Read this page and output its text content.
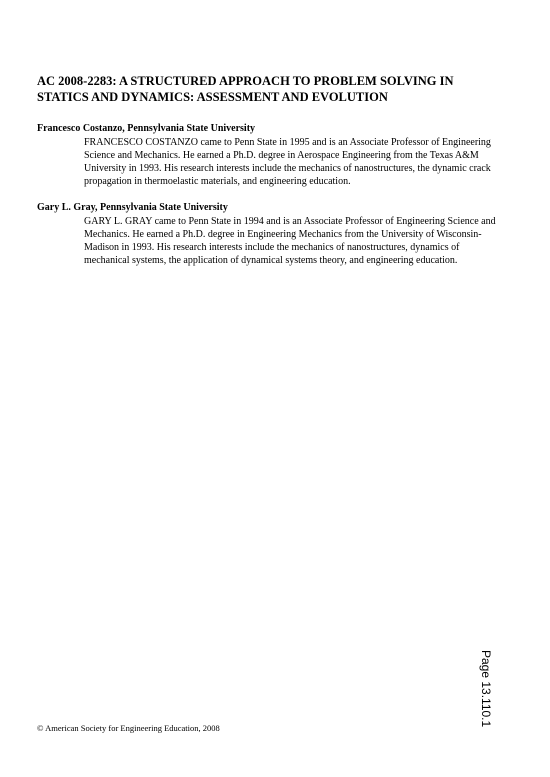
AC 2008-2283: A STRUCTURED APPROACH TO PROBLEM SOLVING IN STATICS AND DYNAMICS: ASSESSMENT AND EVOLUTION

Francesco Costanzo, Pennsylvania State University

FRANCESCO COSTANZO came to Penn State in 1995 and is an Associate Professor of Engineering Science and Mechanics. He earned a Ph.D. degree in Aerospace Engineering from the Texas A&M University in 1993. His research interests include the mechanics of nanostructures, the dynamic crack propagation in thermoelastic materials, and engineering education.

Gary L. Gray, Pennsylvania State University

GARY L. GRAY came to Penn State in 1994 and is an Associate Professor of Engineering Science and Mechanics. He earned a Ph.D. degree in Engineering Mechanics from the University of Wisconsin-Madison in 1993. His research interests include the mechanics of nanostructures, dynamics of mechanical systems, the application of dynamical systems theory, and engineering education.

Page 13.110.1

© American Society for Engineering Education, 2008
